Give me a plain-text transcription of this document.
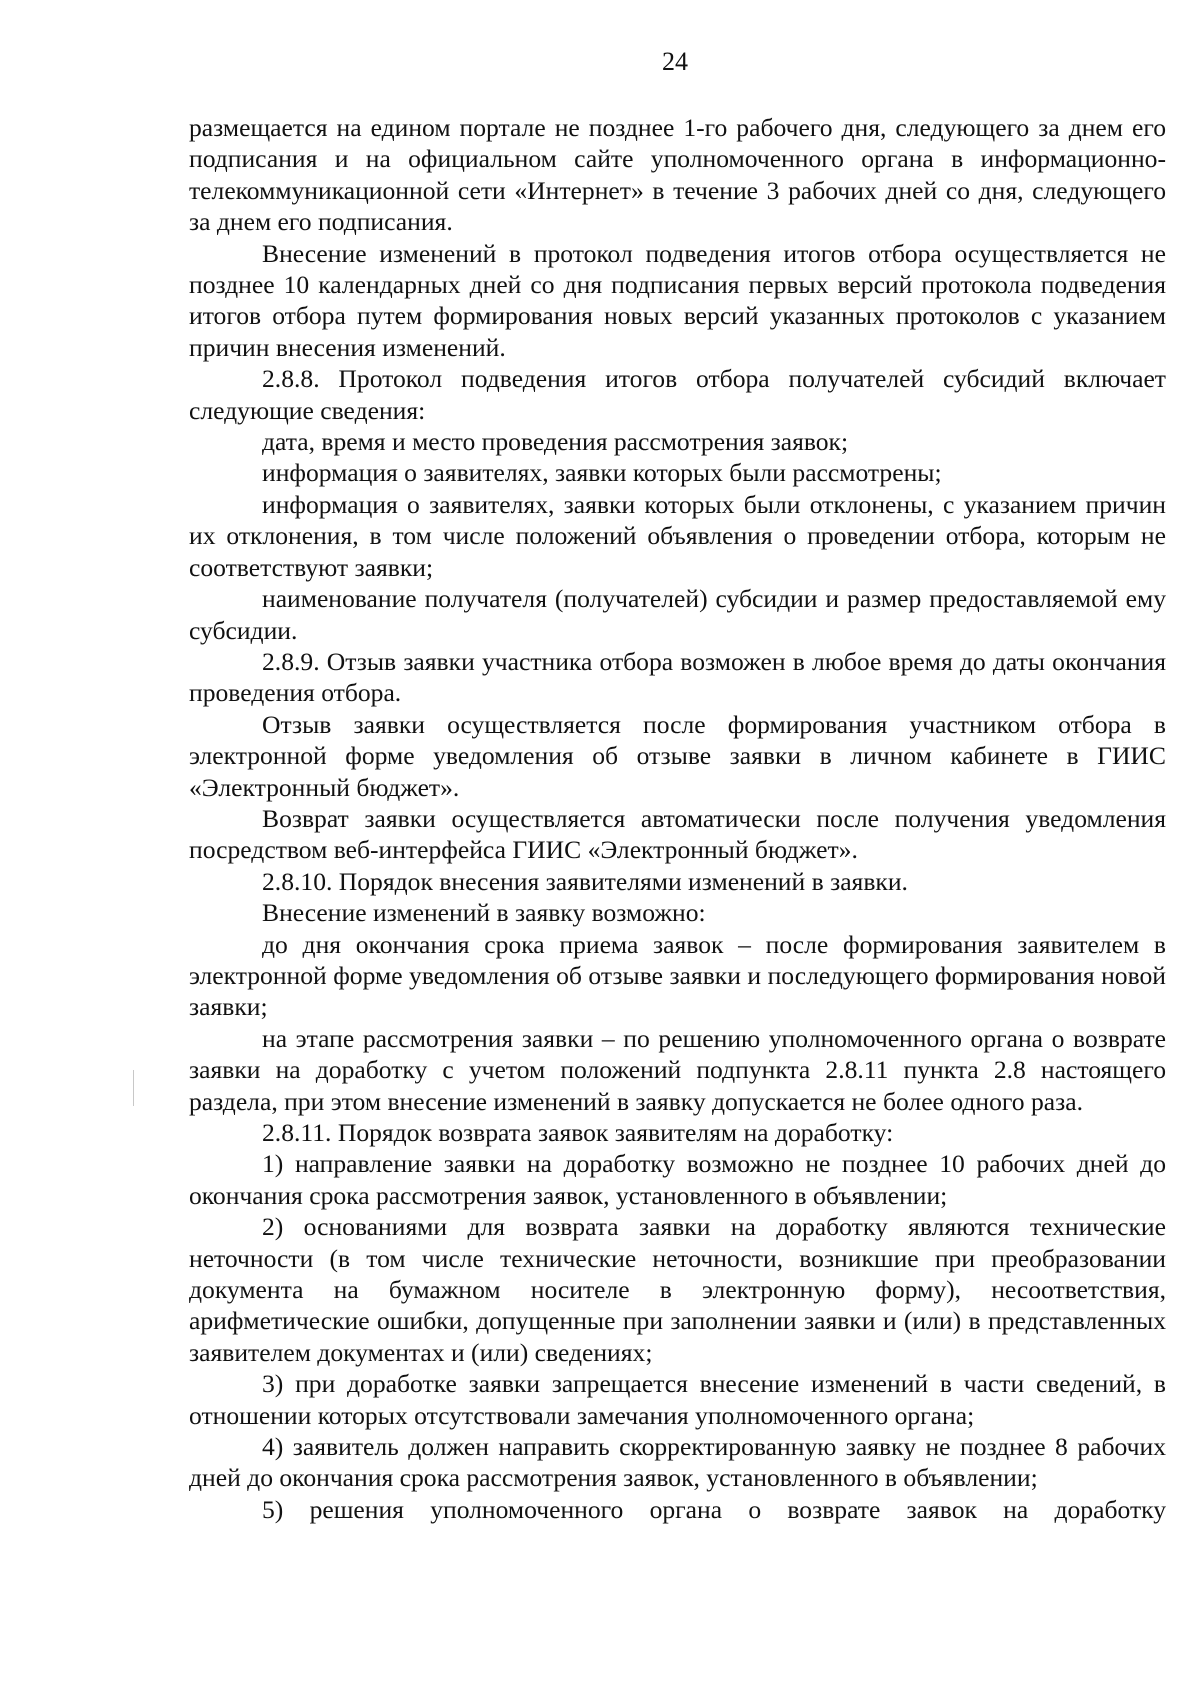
24

размещается на едином портале не позднее 1-го рабочего дня, следующего за днем его подписания и на официальном сайте уполномоченного органа в информационно-телекоммуникационной сети «Интернет» в течение 3 рабочих дней со дня, следующего за днем его подписания.

Внесение изменений в протокол подведения итогов отбора осуществляется не позднее 10 календарных дней со дня подписания первых версий протокола подведения итогов отбора путем формирования новых версий указанных протоколов с указанием причин внесения изменений.

2.8.8. Протокол подведения итогов отбора получателей субсидий включает следующие сведения:

дата, время и место проведения рассмотрения заявок;

информация о заявителях, заявки которых были рассмотрены;

информация о заявителях, заявки которых были отклонены, с указанием причин их отклонения, в том числе положений объявления о проведении отбора, которым не соответствуют заявки;

наименование получателя (получателей) субсидии и размер предоставляемой ему субсидии.

2.8.9. Отзыв заявки участника отбора возможен в любое время до даты окончания проведения отбора.

Отзыв заявки осуществляется после формирования участником отбора в электронной форме уведомления об отзыве заявки в личном кабинете в ГИИС «Электронный бюджет».

Возврат заявки осуществляется автоматически после получения уведомления посредством веб-интерфейса ГИИС «Электронный бюджет».

2.8.10. Порядок внесения заявителями изменений в заявки.

Внесение изменений в заявку возможно:

до дня окончания срока приема заявок – после формирования заявителем в электронной форме уведомления об отзыве заявки и последующего формирования новой заявки;

на этапе рассмотрения заявки – по решению уполномоченного органа о возврате заявки на доработку с учетом положений подпункта 2.8.11 пункта 2.8 настоящего раздела, при этом внесение изменений в заявку допускается не более одного раза.

2.8.11. Порядок возврата заявок заявителям на доработку:

1) направление заявки на доработку возможно не позднее 10 рабочих дней до окончания срока рассмотрения заявок, установленного в объявлении;

2) основаниями для возврата заявки на доработку являются технические неточности (в том числе технические неточности, возникшие при преобразовании документа на бумажном носителе в электронную форму), несоответствия, арифметические ошибки, допущенные при заполнении заявки и (или) в представленных заявителем документах и (или) сведениях;

3) при доработке заявки запрещается внесение изменений в части сведений, в отношении которых отсутствовали замечания уполномоченного органа;

4) заявитель должен направить скорректированную заявку не позднее 8 рабочих дней до окончания срока рассмотрения заявок, установленного в объявлении;

5) решения уполномоченного органа о возврате заявок на доработку
